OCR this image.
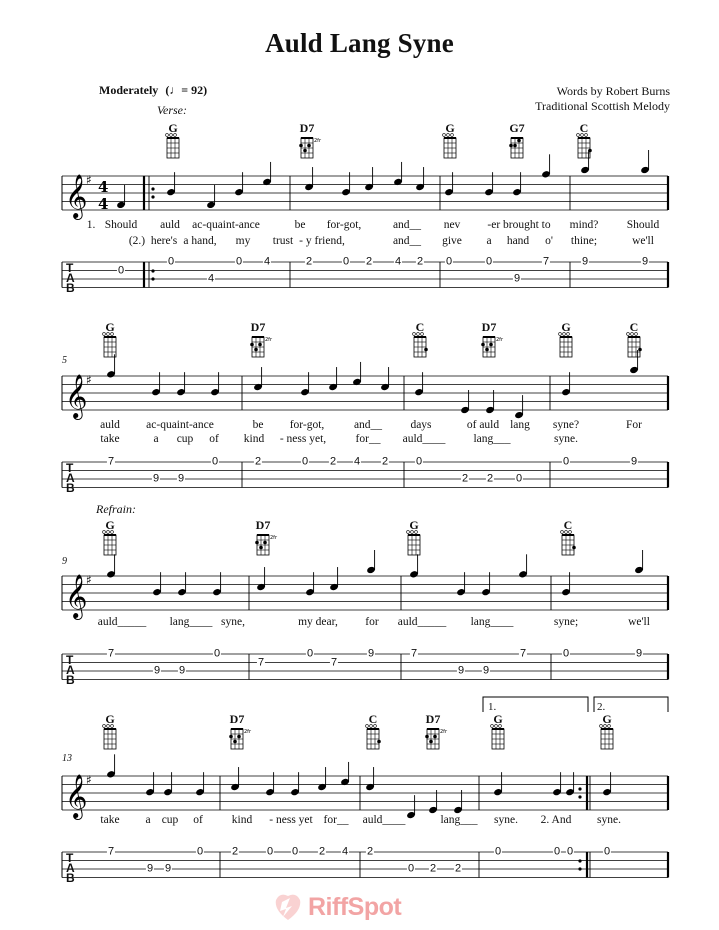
Auld Lang Syne
Moderately (♩= 92)	Words by Robert Burns
Traditional Scottish Melody
Verse:
Refrain:
5
9
13
1.	2.
𝄞
♯ 4
4
2fr
𝄞
♯
2fr	2fr
𝄞
♯
2fr
𝄞
♯
2fr	2fr
T
A
B
G	D7	G	G7	C
1. Should auld ac-quaint-ance	be for-got,	and__ nev -er brought to mind? Should
(2.) here's a hand, my trust - y friend,	and__ give a hand o' thine;	we'll
0
0
4
0 4	2	0 2 4 2 0	0
9
7	9	9
T
A
B
G	D7	C	D7	G	C
auld ac-quaint-ance	be for-got,	and__ days	of auld lang syne?	For
take	a cup of kind - ness yet,	for__ auld____ lang___	syne.
7
9 9
0	2	0 2 4 2	0
2 2 0
0	9
T
A
B
G	D7	G	C
auld_____ lang____ syne,	my dear, for auld_____ lang____	syne;	we'll
7
9 9
0
7
0
7
9	7
9 9
7	0	9
T
A
B
G	D7	C	D7	G	G
take a cup of	kind - ness yet for__ auld____	lang___ syne. 2. And syne.
7
9 9
0	2	0 0 2 4 2
0 2 2
0	0 0	0
RiffSpot
